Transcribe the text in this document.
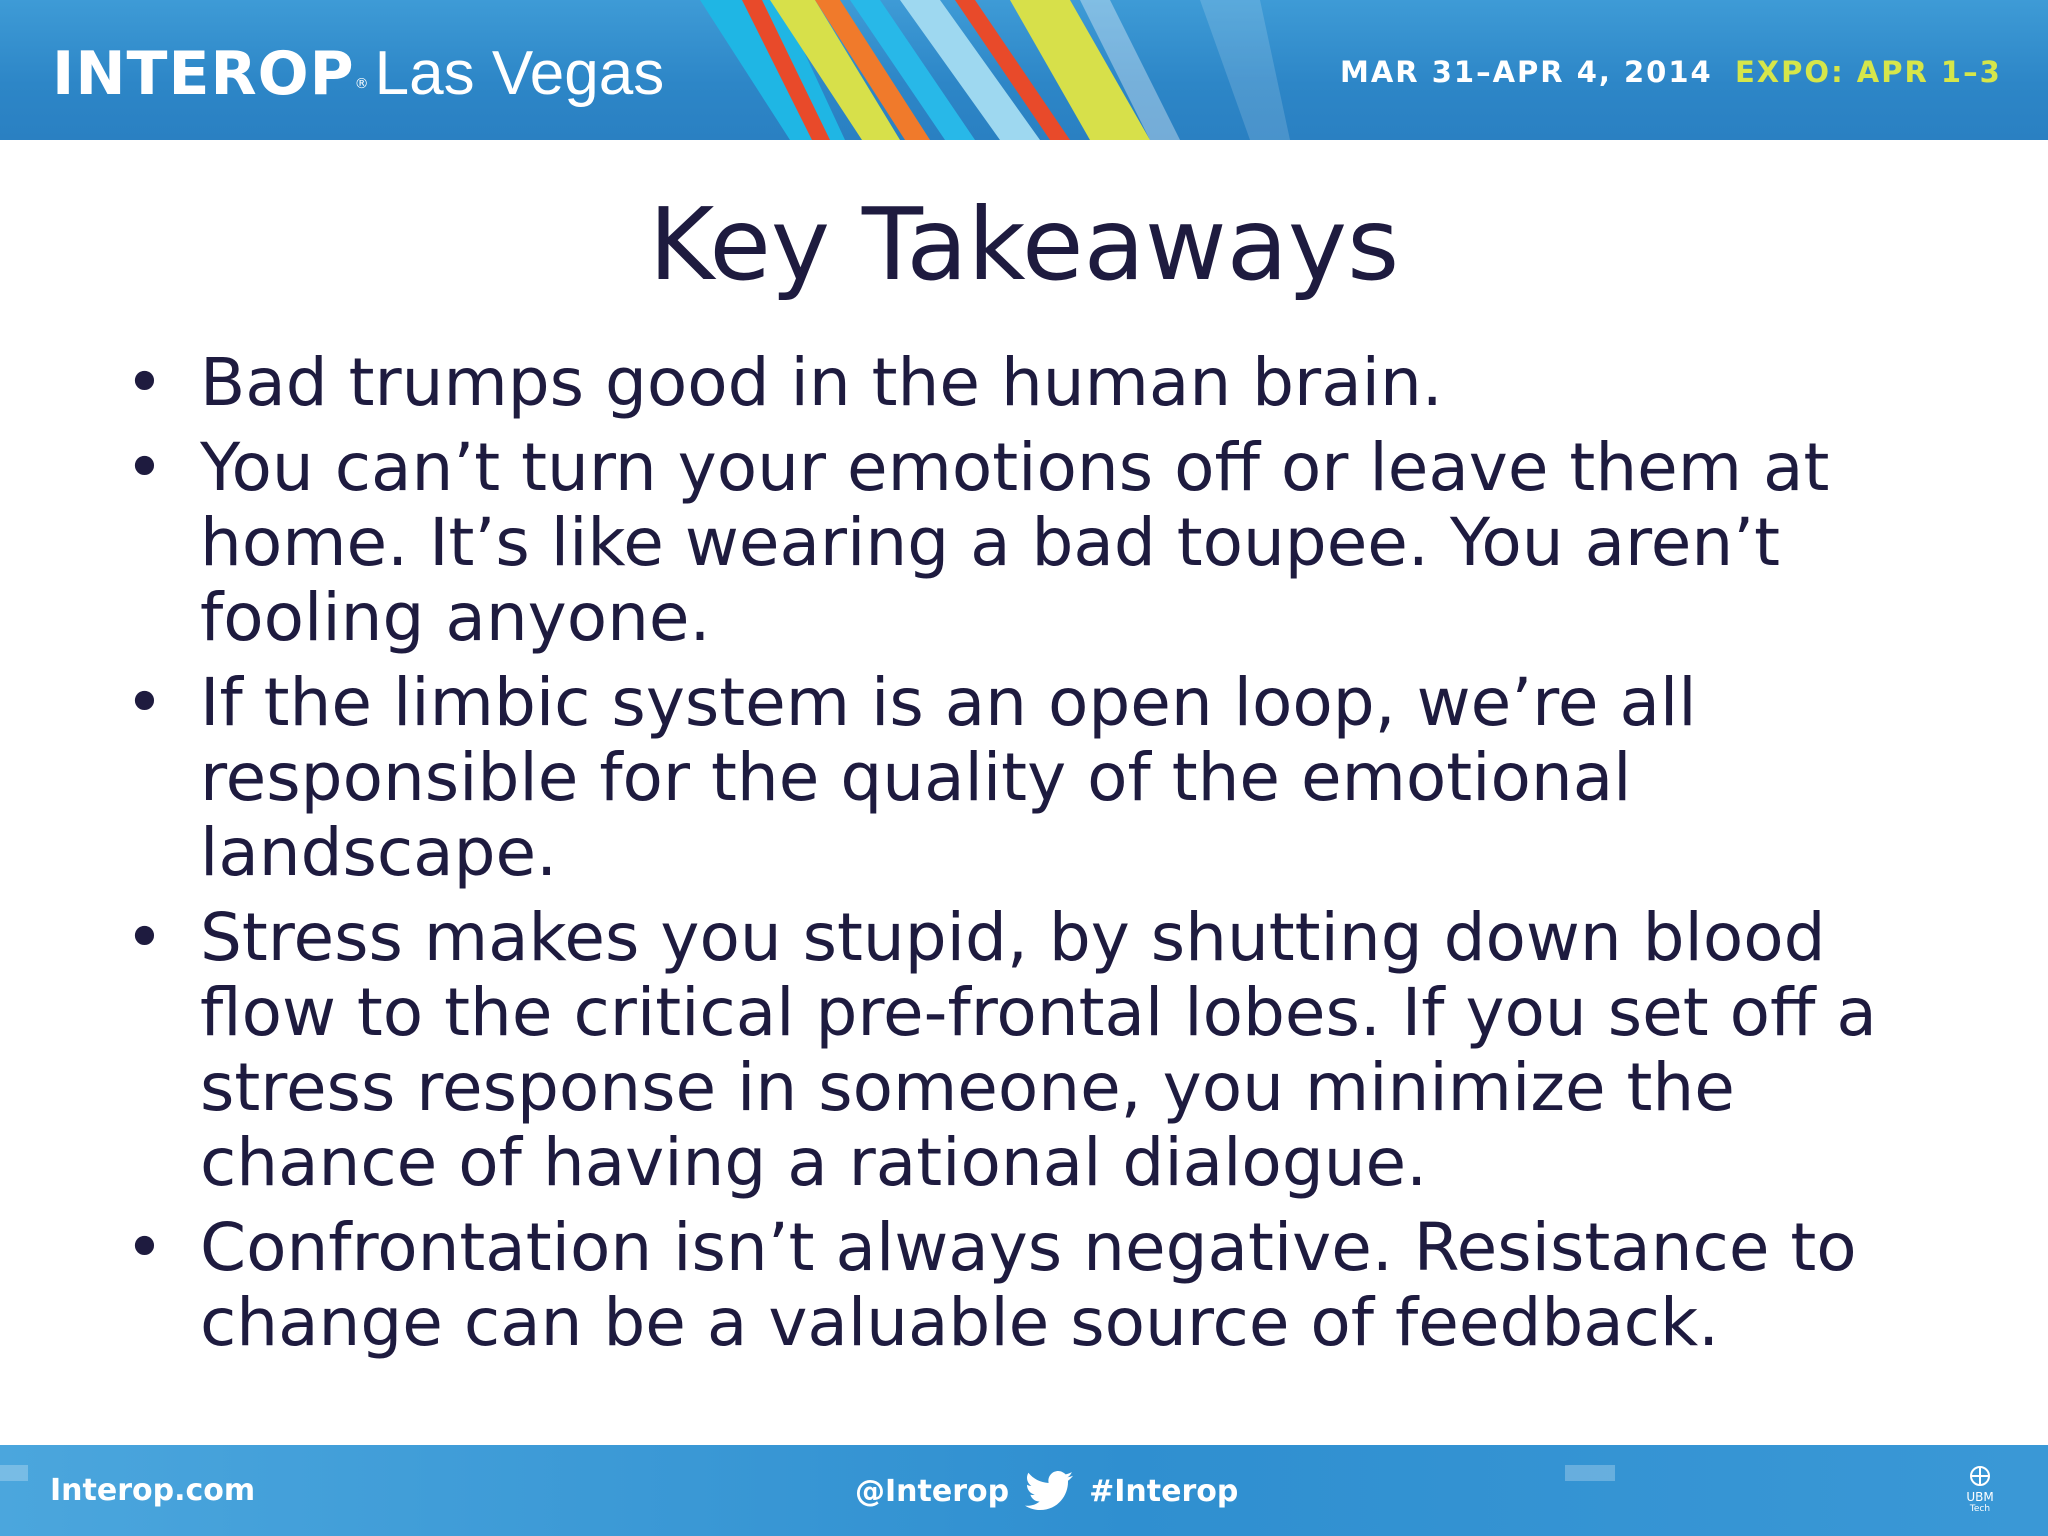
INTEROP®Las Vegas	MAR 31–APR 4, 2014 EXPO: APR 1–3
Key Takeaways
• Bad trumps good in the human brain.
• You can’t turn your emotions off or leave them at home. It’s like wearing a bad toupee. You aren’t fooling anyone.
• If the limbic system is an open loop, we’re all responsible for the quality of the emotional landscape.
• Stress makes you stupid, by shutting down blood flow to the critical pre-frontal lobes. If you set off a stress response in someone, you minimize the chance of having a rational dialogue.
• Confrontation isn’t always negative. Resistance to change can be a valuable source of feedback.
Interop.com	@Interop	#Interop	UBM
Tech
